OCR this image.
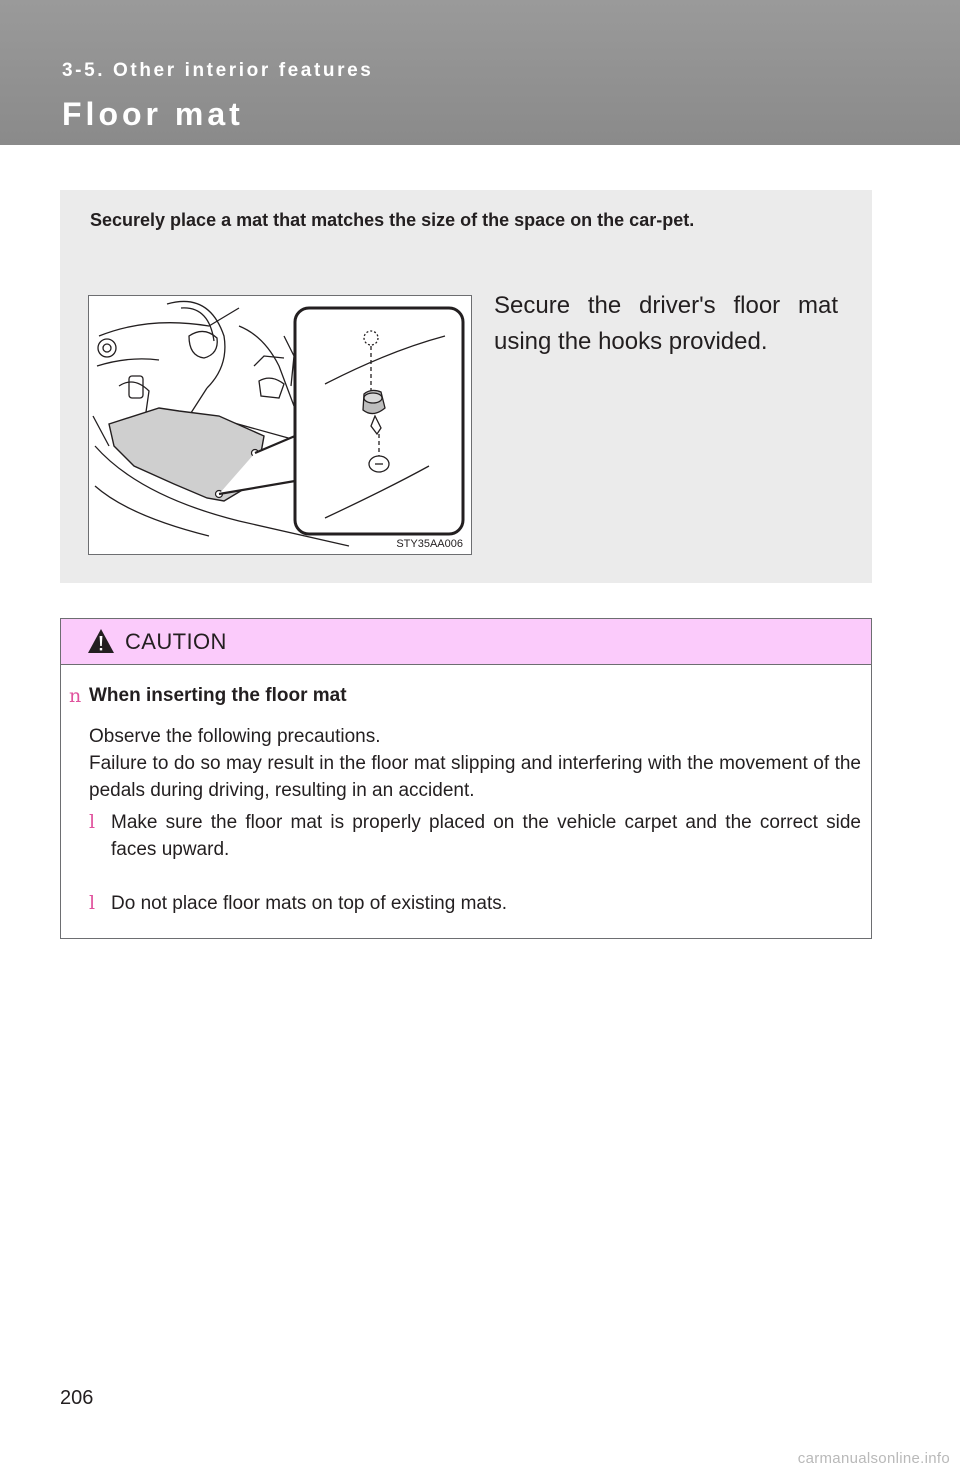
3-5. Other interior features
Floor mat
Securely place a mat that matches the size of the space on the car-pet.
STY35AA006
Secure the driver's floor mat using the hooks provided.
CAUTION
n When inserting the floor mat
Observe the following precautions.
Failure to do so may result in the floor mat slipping and interfering with the movement of the pedals during driving, resulting in an accident.
l Make sure the floor mat is properly placed on the vehicle carpet and the correct side faces upward.
l Do not place floor mats on top of existing mats.
206
carmanualsonline.info
